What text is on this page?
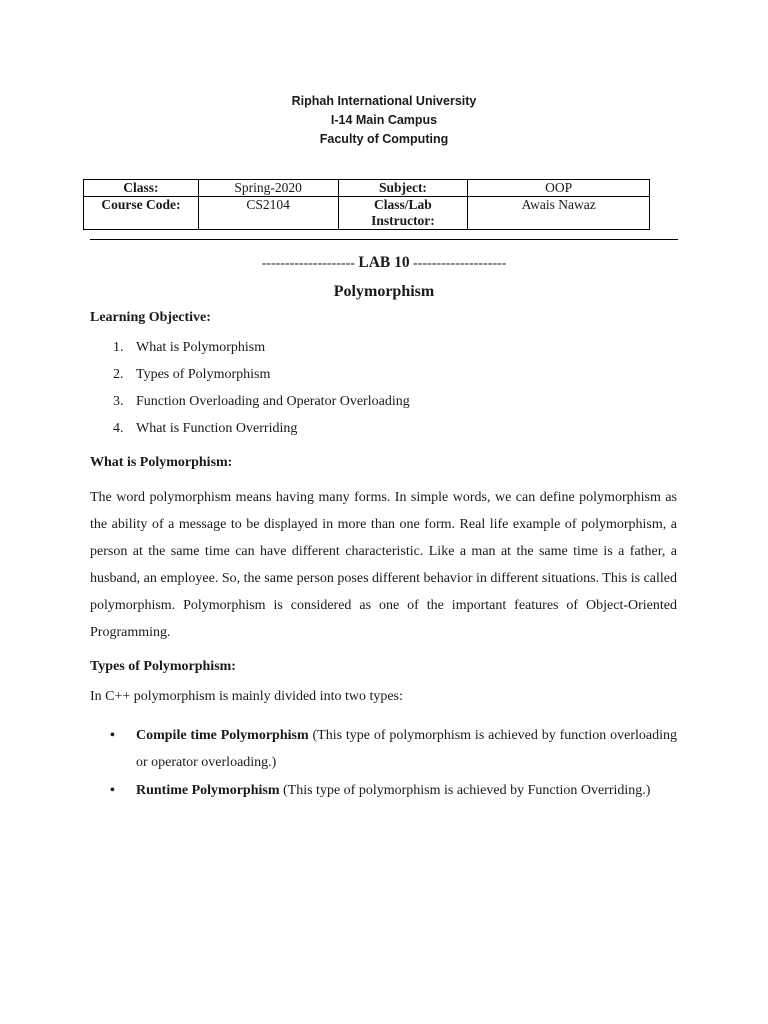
Riphah International University
I-14 Main Campus
Faculty of Computing
Class:	Spring-2020	Subject:	OOP
Course Code:	CS2104	Class/Lab Instructor:	Awais Nawaz
-------------------- LAB 10 --------------------
Polymorphism
Learning Objective:
1. What is Polymorphism
2. Types of Polymorphism
3. Function Overloading and Operator Overloading
4. What is Function Overriding
What is Polymorphism:
The word polymorphism means having many forms. In simple words, we can define polymorphism as the ability of a message to be displayed in more than one form. Real life example of polymorphism, a person at the same time can have different characteristic. Like a man at the same time is a father, a husband, an employee. So, the same person poses different behavior in different situations. This is called polymorphism. Polymorphism is considered as one of the important features of Object-Oriented Programming.
Types of Polymorphism:
In C++ polymorphism is mainly divided into two types:
• Compile time Polymorphism (This type of polymorphism is achieved by function overloading or operator overloading.)
• Runtime Polymorphism (This type of polymorphism is achieved by Function Overriding.)
